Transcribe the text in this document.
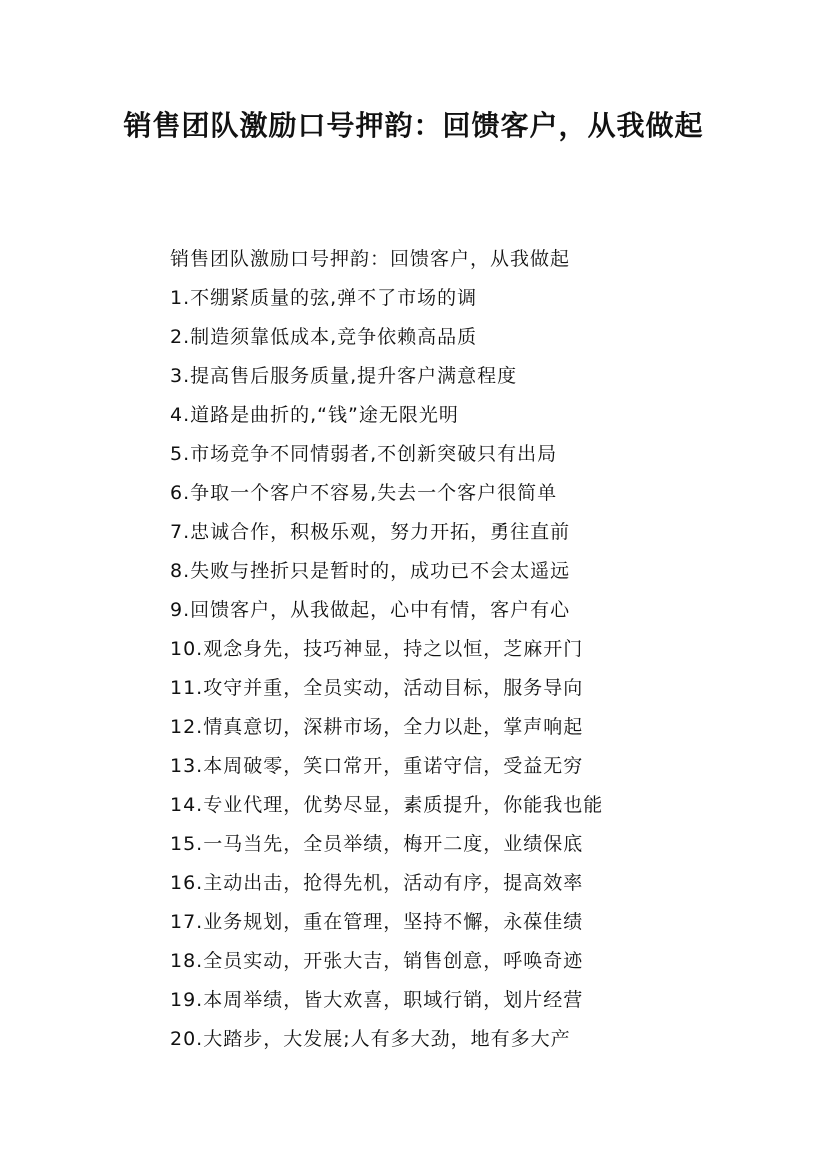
销售团队激励口号押韵：回馈客户，从我做起
销售团队激励口号押韵：回馈客户，从我做起
1.不绷紧质量的弦,弹不了市场的调
2.制造须靠低成本,竞争依赖高品质
3.提高售后服务质量,提升客户满意程度
4.道路是曲折的,“钱”途无限光明
5.市场竞争不同情弱者,不创新突破只有出局
6.争取一个客户不容易,失去一个客户很简单
7.忠诚合作，积极乐观，努力开拓，勇往直前
8.失败与挫折只是暂时的，成功已不会太遥远
9.回馈客户，从我做起，心中有情，客户有心
10.观念身先，技巧神显，持之以恒，芝麻开门
11.攻守并重，全员实动，活动目标，服务导向
12.情真意切，深耕市场，全力以赴，掌声响起
13.本周破零，笑口常开，重诺守信，受益无穷
14.专业代理，优势尽显，素质提升，你能我也能
15.一马当先，全员举绩，梅开二度，业绩保底
16.主动出击，抢得先机，活动有序，提高效率
17.业务规划，重在管理，坚持不懈，永葆佳绩
18.全员实动，开张大吉，销售创意，呼唤奇迹
19.本周举绩，皆大欢喜，职域行销，划片经营
20.大踏步，大发展;人有多大劲，地有多大产
